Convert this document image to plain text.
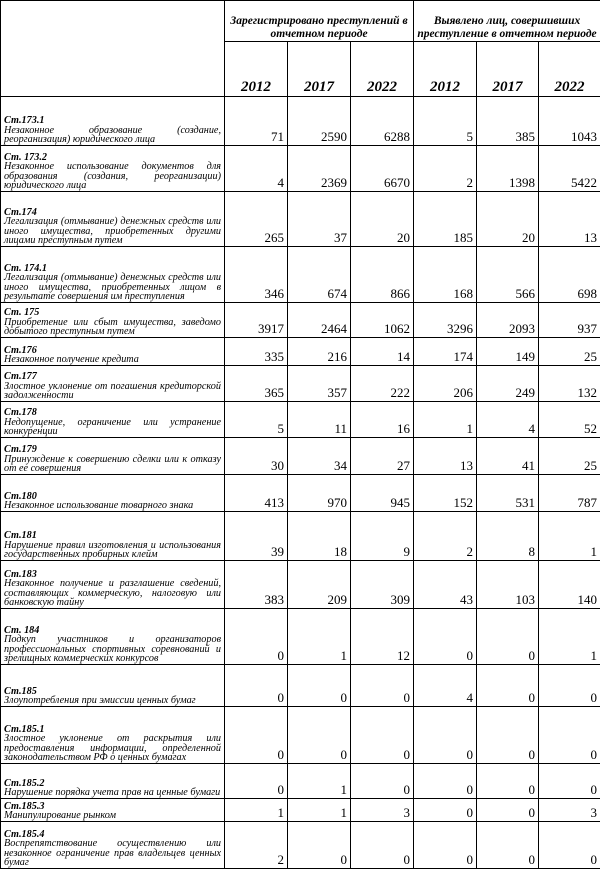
	Зарегистрировано преступлений в отчетном периоде			Выявлено лиц, совершивших преступление в отчетном периоде		
	2012	2017	2022	2012	2017	2022

Ст.173.1
Незаконное образование (создание, реорганизация) юридического лица	71	2590	6288	5	385	1043

Ст. 173.2
Незаконное использование документов для образования (создания, реорганизации) юридического лица	4	2369	6670	2	1398	5422

Ст.174
Легализация (отмывание) денежных средств или иного имущества, приобретенных другими лицами преступным путем	265	37	20	185	20	13

Ст. 174.1
Легализация (отмывание) денежных средств или иного имущества, приобретенных лицом в результате совершения им преступления	346	674	866	168	566	698

Ст. 175
Приобретение или сбыт имущества, заведомо добытого преступным путем	3917	2464	1062	3296	2093	937

Ст.176
Незаконное получение кредита	335	216	14	174	149	25

Ст.177
Злостное уклонение от погашения кредиторской задолженности	365	357	222	206	249	132

Ст.178
Недопущение, ограничение или устранение конкуренции	5	11	16	1	4	52

Ст.179
Принуждение к совершению сделки или к отказу от ее совершения	30	34	27	13	41	25

Ст.180
Незаконное использование товарного знака	413	970	945	152	531	787

Ст.181
Нарушение правил изготовления и использования государственных пробирных клейм	39	18	9	2	8	1

Ст.183
Незаконное получение и разглашение сведений, составляющих коммерческую, налоговую или банковскую тайну	383	209	309	43	103	140

Ст. 184
Подкуп участников и организаторов профессиональных спортивных соревнований и зрелищных коммерческих конкурсов	0	1	12	0	0	1

Ст.185
Злоупотребления при эмиссии ценных бумаг	0	0	0	4	0	0

Ст.185.1
Злостное уклонение от раскрытия или предоставления информации, определенной законодательством РФ о ценных бумагах	0	0	0	0	0	0

Ст.185.2
Нарушение порядка учета прав на ценные бумаги	0	1	0	0	0	0

Ст.185.3
Манипулирование рынком	1	1	3	0	0	3

Ст.185.4
Воспрепятствование осуществлению или незаконное ограничение прав владельцев ценных бумаг	2	0	0	0	0	0
